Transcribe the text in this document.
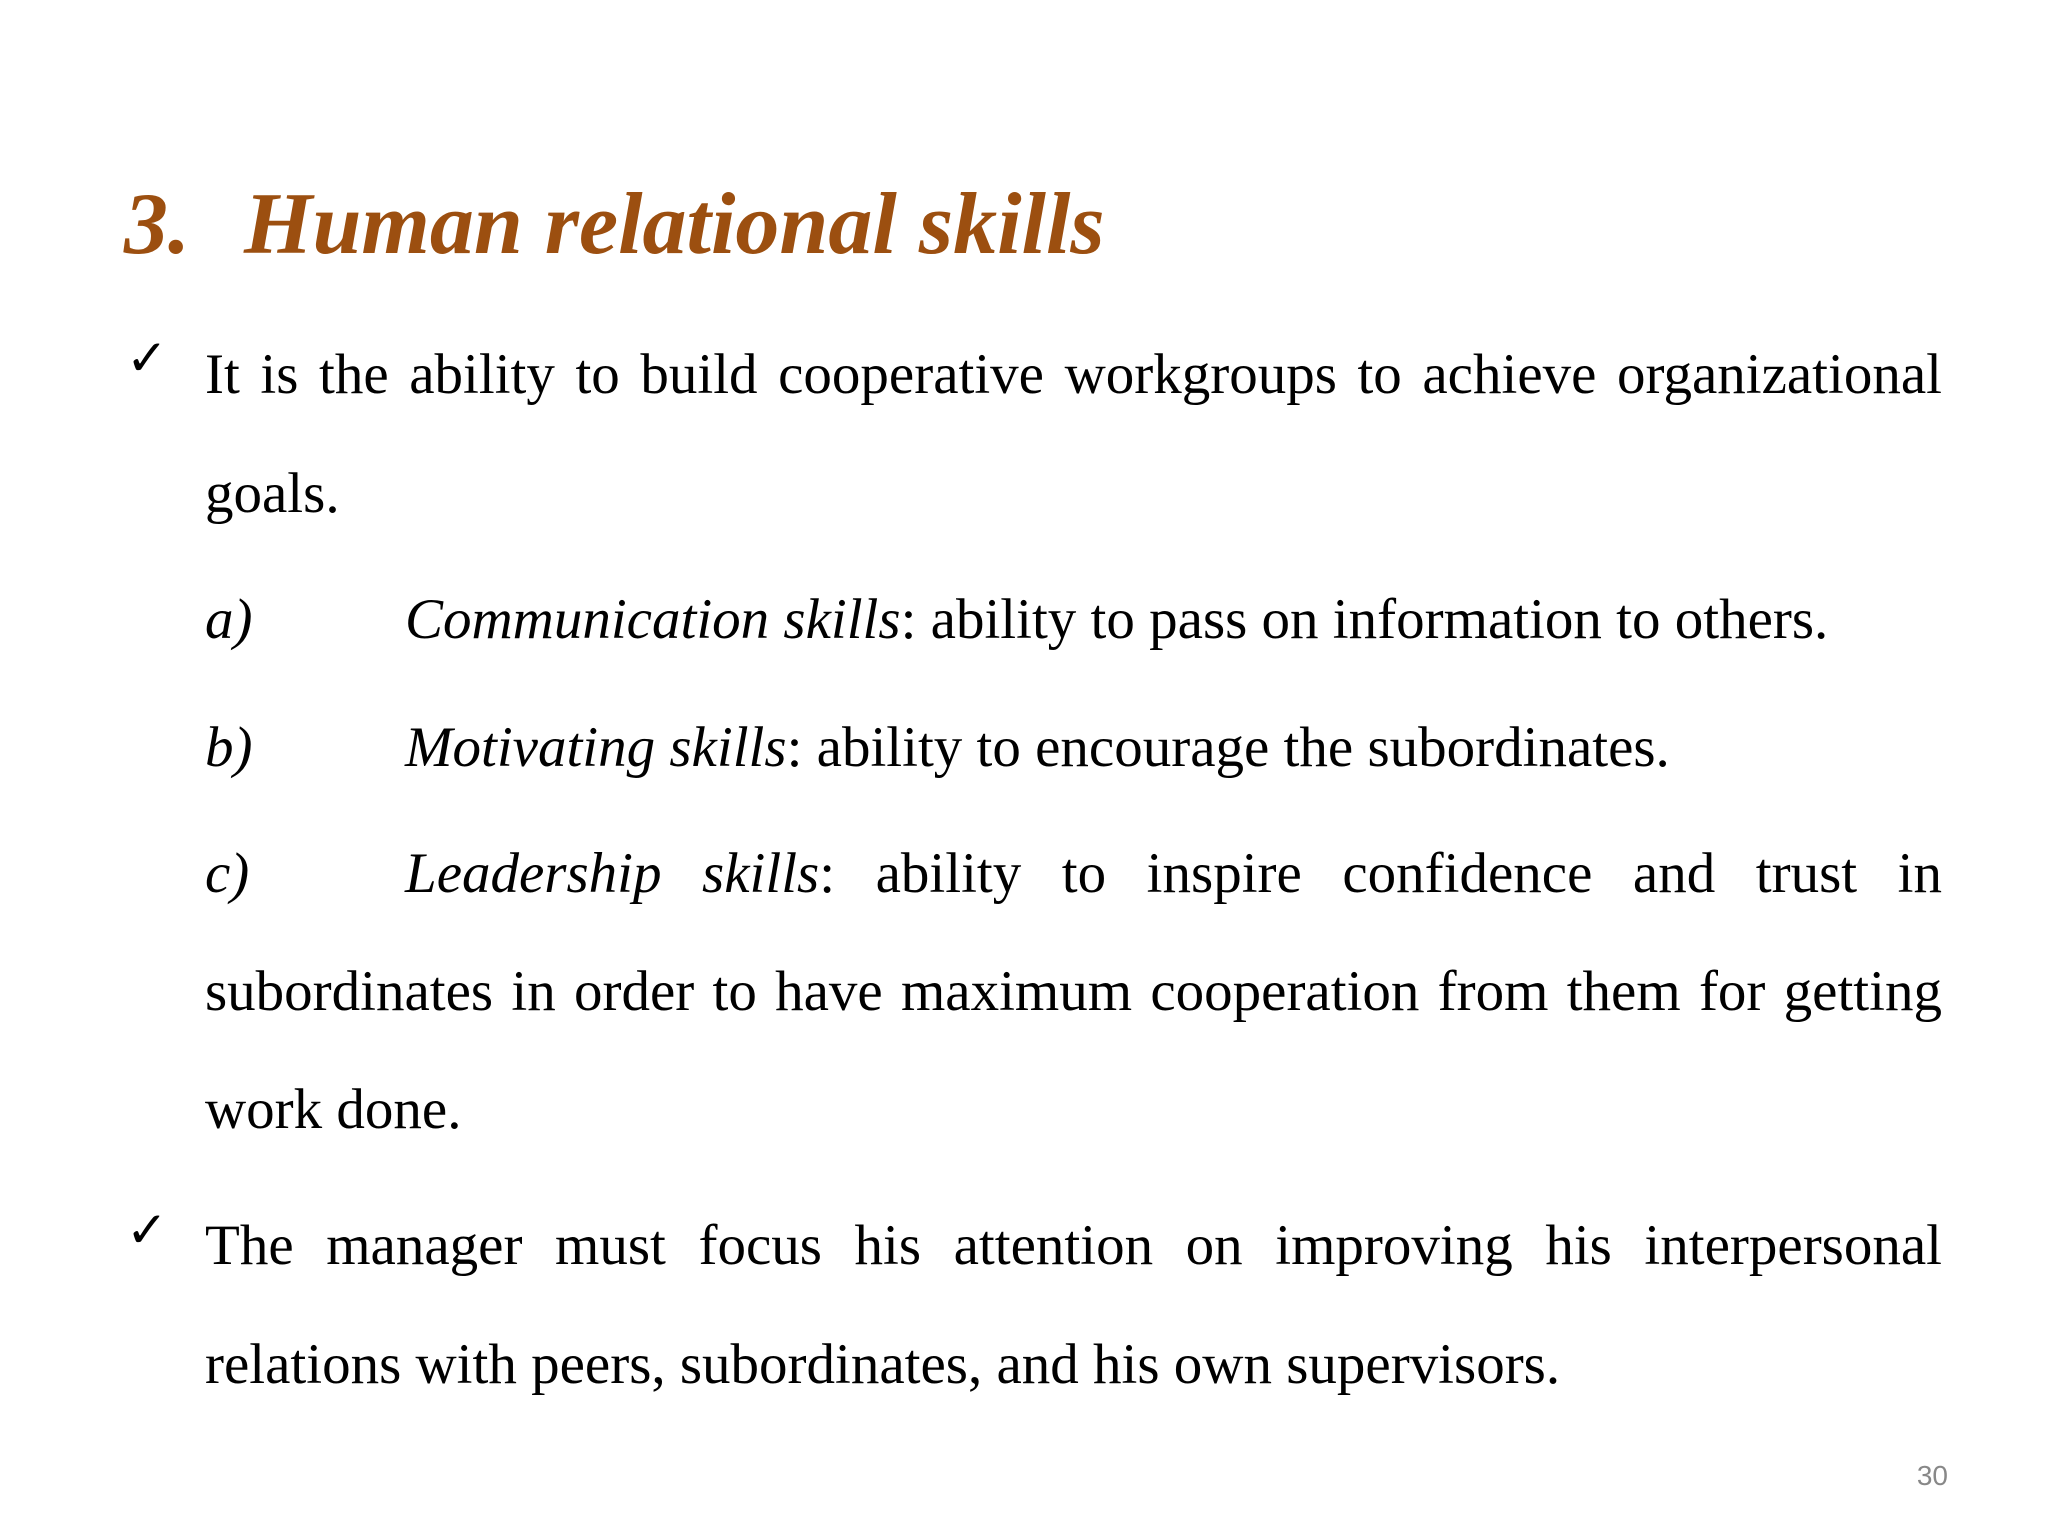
3. Human relational skills
✓ It is the ability to build cooperative workgroups to achieve organizational goals.
a)	Communication skills: ability to pass on information to others.
b)	Motivating skills: ability to encourage the subordinates.
c)	Leadership skills: ability to inspire confidence and trust in subordinates in order to have maximum cooperation from them for getting work done.
✓ The manager must focus his attention on improving his interpersonal relations with peers, subordinates, and his own supervisors.
30
